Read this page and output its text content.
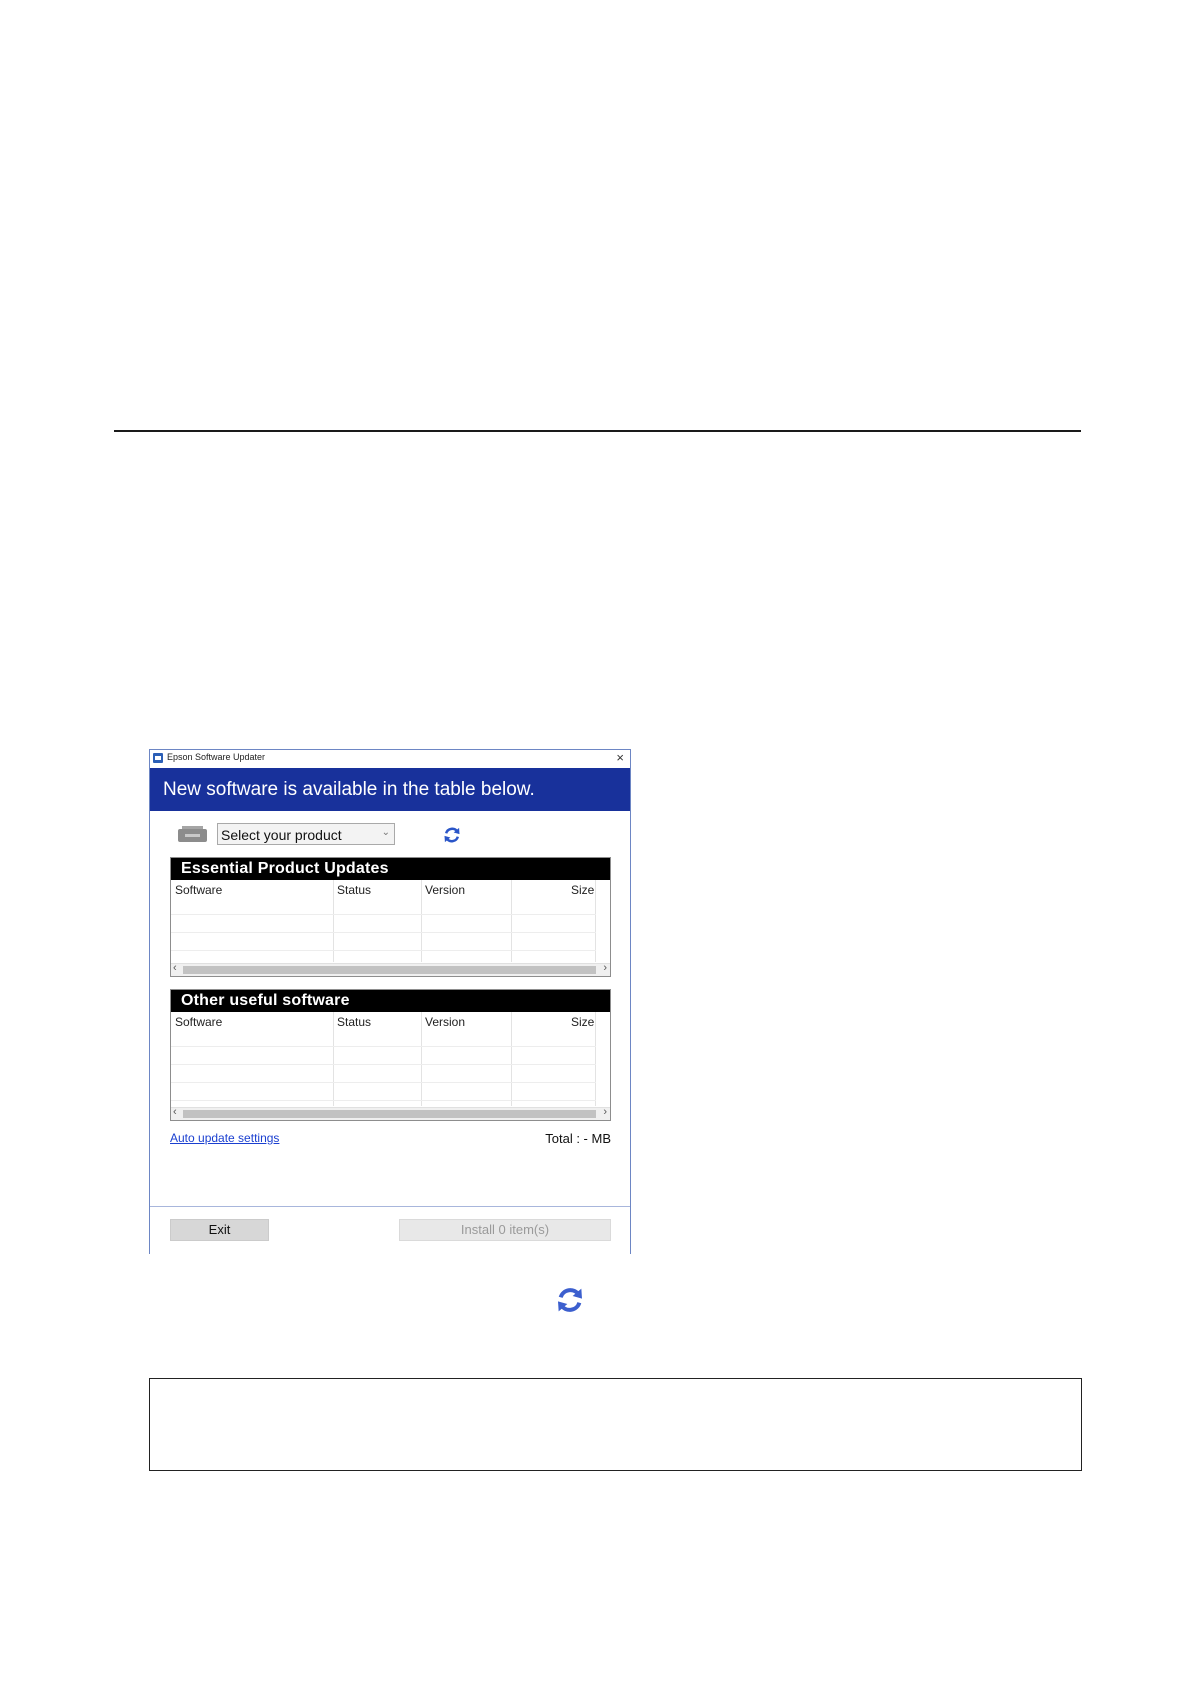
Epson Software Updater	×
New software is available in the table below.
Select your product	⌄
Essential Product Updates
Software	Status	Version	Size
‹	›
Other useful software
Software	Status	Version	Size
‹	›
Auto update settings	Total : - MB
Exit	Install 0 item(s)
